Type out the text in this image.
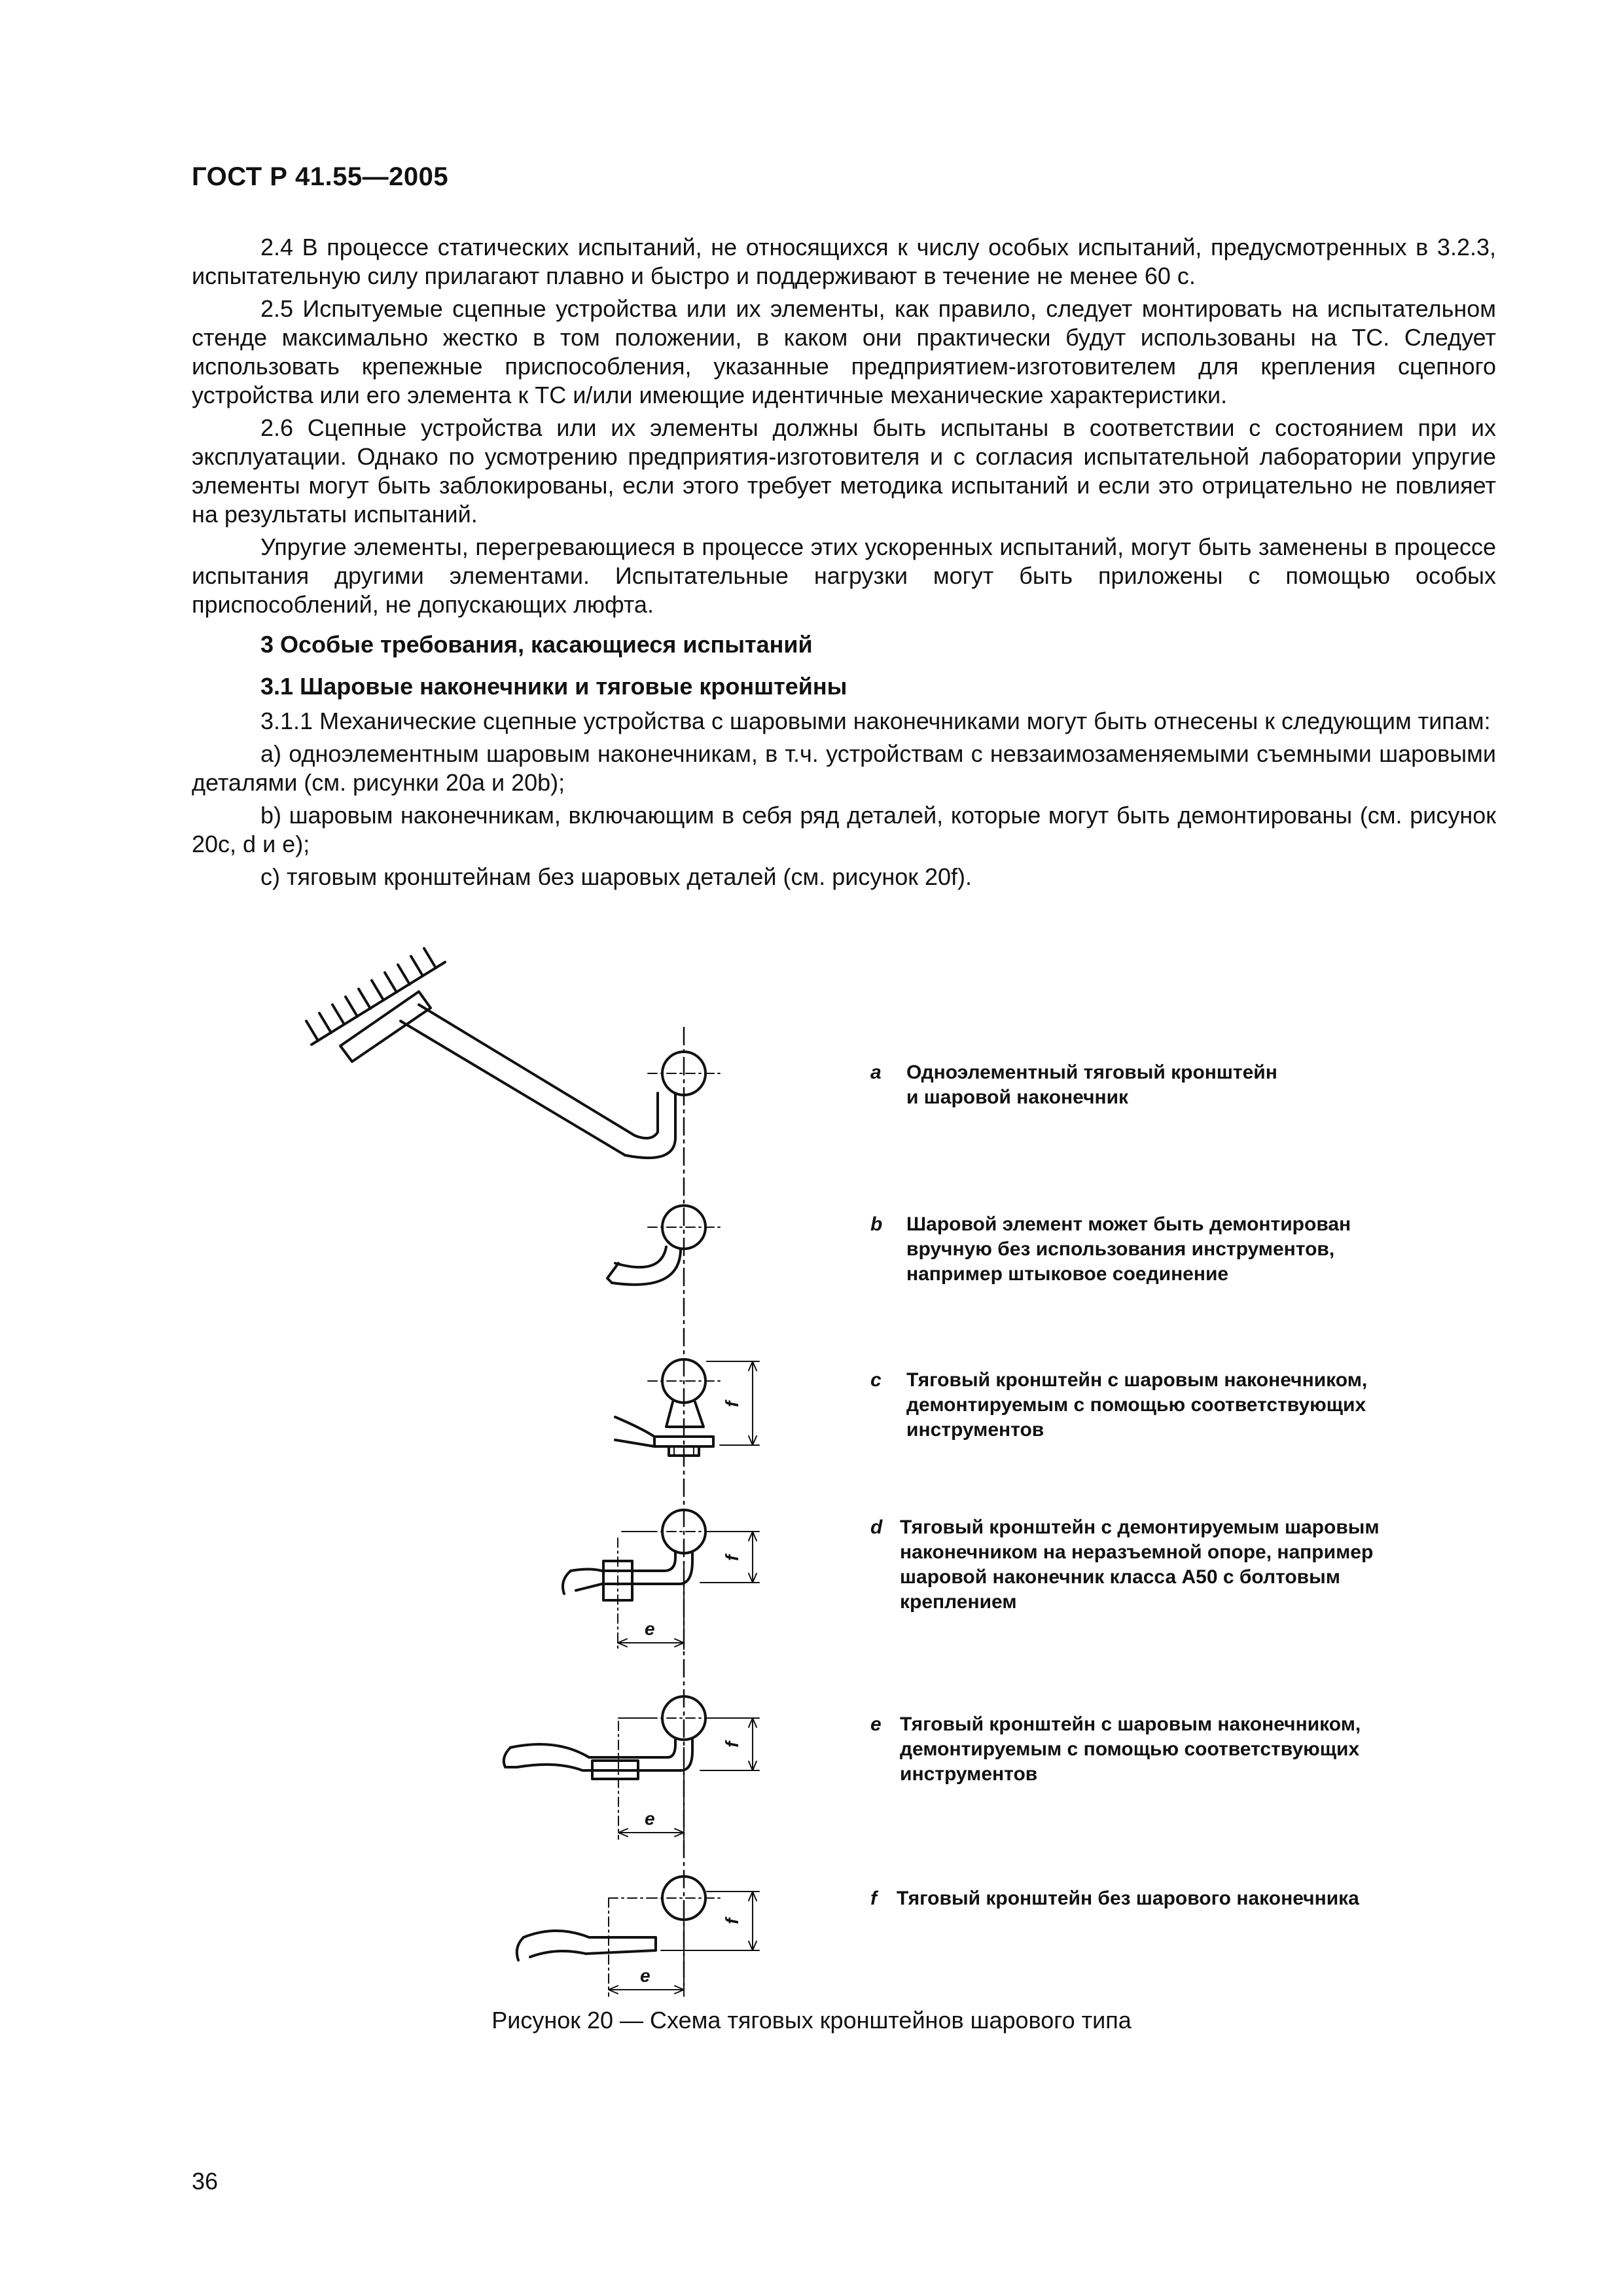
ГОСТ Р 41.55—2005

2.4 В процессе статических испытаний, не относящихся к числу особых испытаний, предусмотренных в 3.2.3, испытательную силу прилагают плавно и быстро и поддерживают в течение не менее 60 с.

2.5 Испытуемые сцепные устройства или их элементы, как правило, следует монтировать на испытательном стенде максимально жестко в том положении, в каком они практически будут использованы на ТС. Следует использовать крепежные приспособления, указанные предприятием-изготовителем для крепления сцепного устройства или его элемента к ТС и/или имеющие идентичные механические характеристики.

2.6 Сцепные устройства или их элементы должны быть испытаны в соответствии с состоянием при их эксплуатации. Однако по усмотрению предприятия-изготовителя и с согласия испытательной лаборатории упругие элементы могут быть заблокированы, если этого требует методика испытаний и если это отрицательно не повлияет на результаты испытаний.

Упругие элементы, перегревающиеся в процессе этих ускоренных испытаний, могут быть заменены в процессе испытания другими элементами. Испытательные нагрузки могут быть приложены с помощью особых приспособлений, не допускающих люфта.

3 Особые требования, касающиеся испытаний
3.1 Шаровые наконечники и тяговые кронштейны

3.1.1 Механические сцепные устройства с шаровыми наконечниками могут быть отнесены к следующим типам:

a) одноэлементным шаровым наконечникам, в т.ч. устройствам с невзаимозаменяемыми съемными шаровыми деталями (см. рисунки 20a и 20b);

b) шаровым наконечникам, включающим в себя ряд деталей, которые могут быть демонтированы (см. рисунок 20c, d и e);

c) тяговым кронштейнам без шаровых деталей (см. рисунок 20f).

f
f
e
f
e
f
e
a Одноэлементный тяговый кронштейн
и шаровой наконечник
b Шаровой элемент может быть демонтирован
вручную без использования инструментов,
например штыковое соединение
c Тяговый кронштейн с шаровым наконечником,
демонтируемым с помощью соответствующих
инструментов
d Тяговый кронштейн с демонтируемым шаровым
наконечником на неразъемной опоре, например
шаровой наконечник класса А50 с болтовым
креплением
e Тяговый кронштейн с шаровым наконечником,
демонтируемым с помощью соответствующих
инструментов
f Тяговый кронштейн без шарового наконечника
Рисунок 20 — Схема тяговых кронштейнов шарового типа
36
